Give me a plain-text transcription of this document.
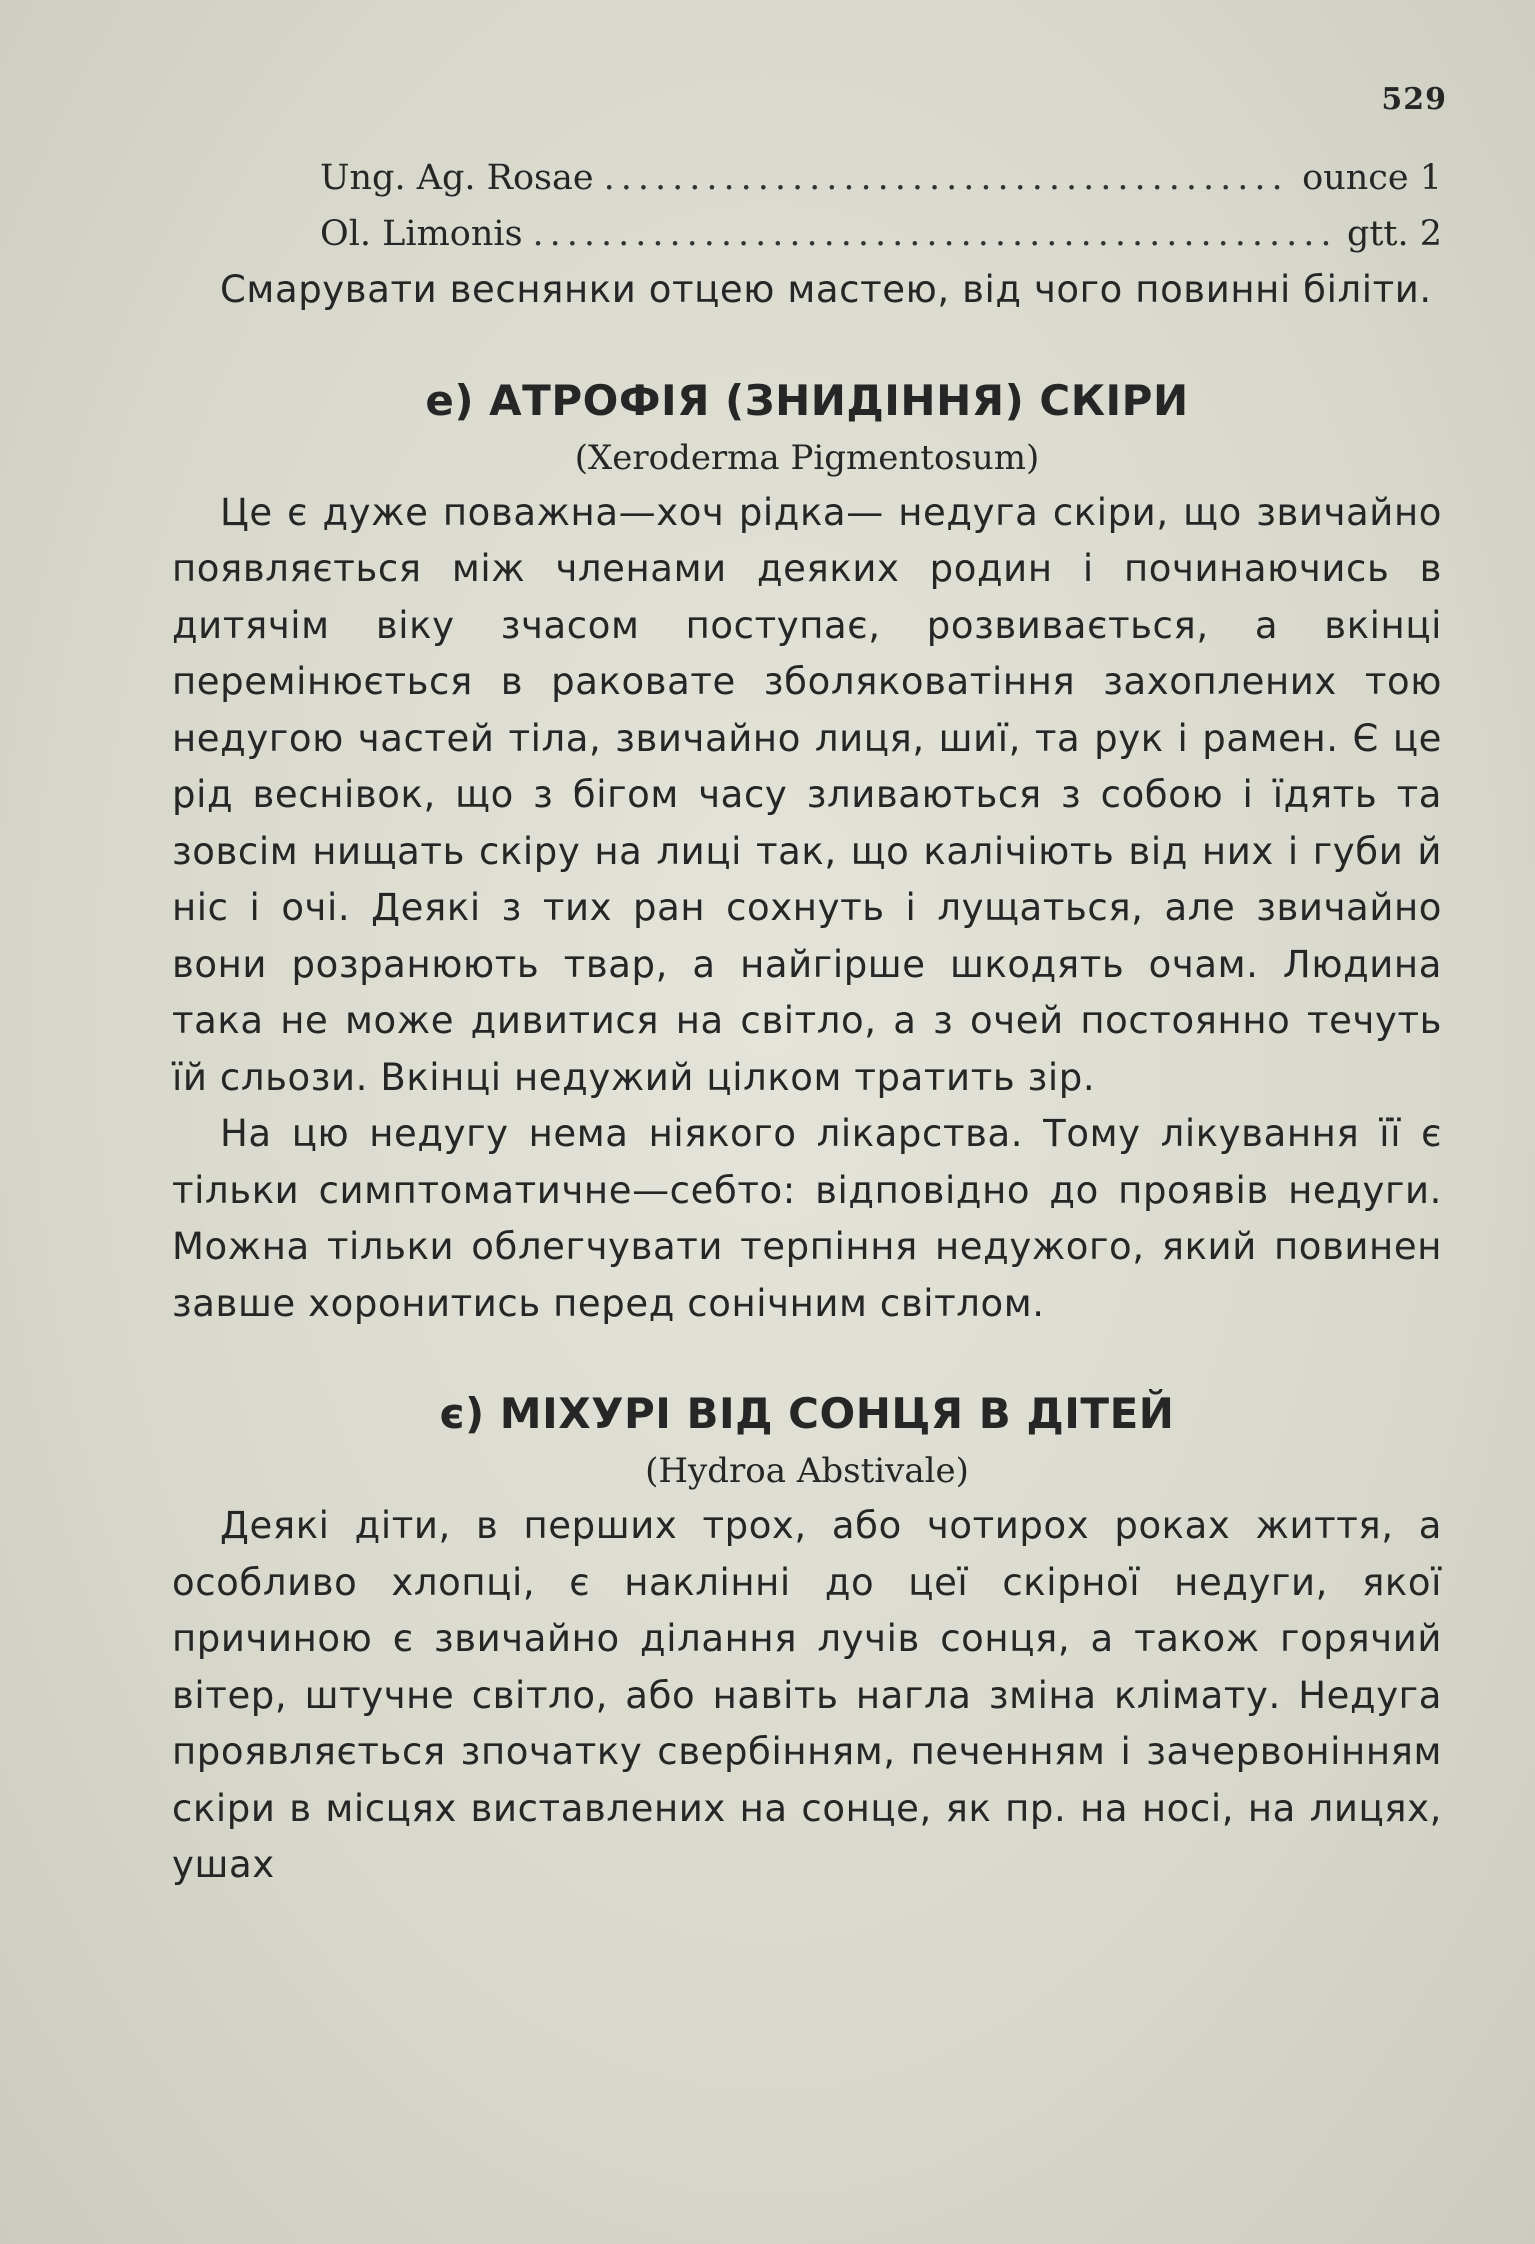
529
Ung. Ag. Rosae .....	ounce 1
Ol. Limonis .....	gtt. 2

Смарувати веснянки отцею мастею, від чого повинні біліти.

е) АТРОФІЯ (ЗНИДІННЯ) СКІРИ
(Xeroderma Pigmentosum)

Це є дуже поважна—хоч рідка— недуга скіри, що звичайно появляється між членами деяких родин і починаючись в дитячім віку зчасом поступає, розвивається, а вкінці перемінюється в раковате зболяковатіння захоплених тою недугою частей тіла, звичайно лиця, шиї, та рук і рамен. Є це рід веснівок, що з бігом часу зливаються з собою і їдять та зовсім нищать скіру на лиці так, що калічіють від них і губи й ніс і очі. Деякі з тих ран сохнуть і лущаться, але звичайно вони розранюють твар, а найгірше шкодять очам. Людина така не може дивитися на світло, а з очей постоянно течуть їй сльози. Вкінці недужий цілком тратить зір.

На цю недугу нема ніякого лікарства. Тому лікування її є тільки симптоматичне—себто: відповідно до проявів недуги. Можна тільки облегчувати терпіння недужого, який повинен завше хоронитись перед сонічним світлом.

є) МІХУРІ ВІД СОНЦЯ В ДІТЕЙ
(Hydroa Abstivale)

Деякі діти, в перших трох, або чотирох роках життя, а особливо хлопці, є наклінні до цеї скірної недуги, якої причиною є звичайно ділання лучів сонця, а також горячий вітер, штучне світло, або навіть нагла зміна клімату. Недуга проявляється зпочатку свербінням, печенням і зачервонінням скіри в місцях виставлених на сонце, як пр. на носі, на лицях, ушах
